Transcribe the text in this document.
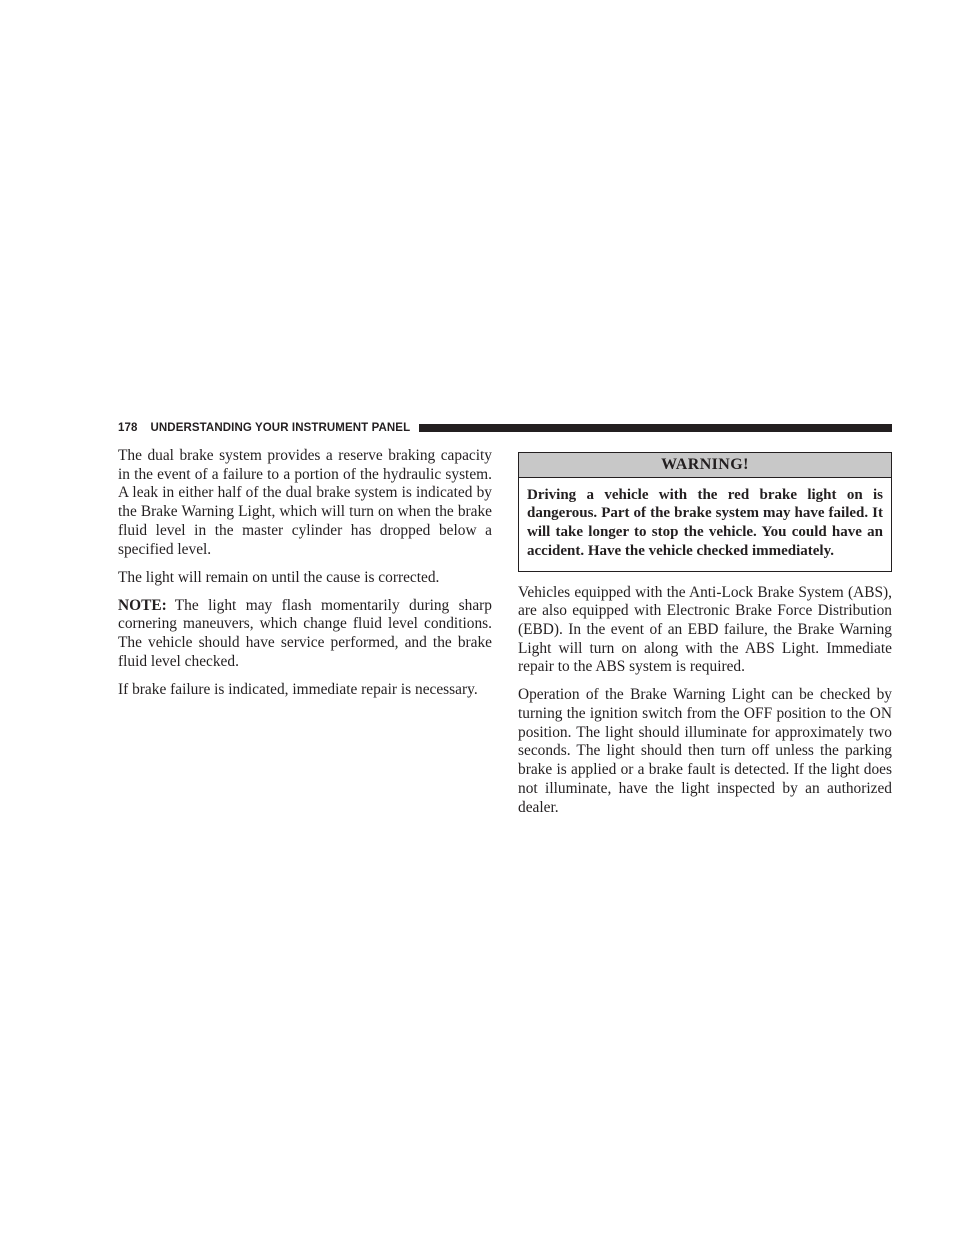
178 UNDERSTANDING YOUR INSTRUMENT PANEL

The dual brake system provides a reserve braking capacity in the event of a failure to a portion of the hydraulic system. A leak in either half of the dual brake system is indicated by the Brake Warning Light, which will turn on when the brake fluid level in the master cylinder has dropped below a specified level.

The light will remain on until the cause is corrected.

NOTE: The light may flash momentarily during sharp cornering maneuvers, which change fluid level conditions. The vehicle should have service performed, and the brake fluid level checked.

If brake failure is indicated, immediate repair is necessary.

WARNING!
Driving a vehicle with the red brake light on is dangerous. Part of the brake system may have failed. It will take longer to stop the vehicle. You could have an accident. Have the vehicle checked immediately.

Vehicles equipped with the Anti-Lock Brake System (ABS), are also equipped with Electronic Brake Force Distribution (EBD). In the event of an EBD failure, the Brake Warning Light will turn on along with the ABS Light. Immediate repair to the ABS system is required.

Operation of the Brake Warning Light can be checked by turning the ignition switch from the OFF position to the ON position. The light should illuminate for approximately two seconds. The light should then turn off unless the parking brake is applied or a brake fault is detected. If the light does not illuminate, have the light inspected by an authorized dealer.
